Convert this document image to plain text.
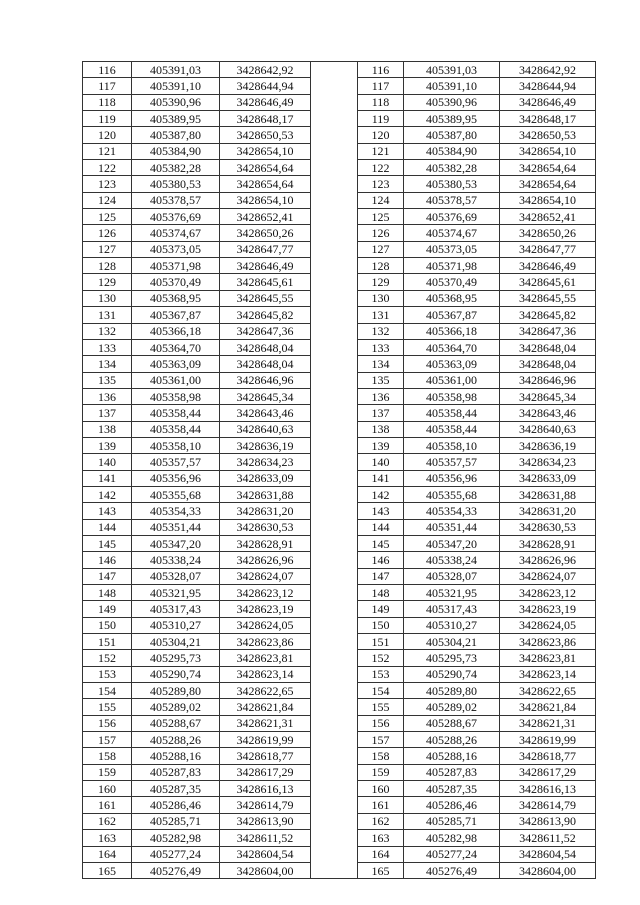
116	405391,03	3428642,92		116	405391,03	3428642,92
117	405391,10	3428644,94		117	405391,10	3428644,94
118	405390,96	3428646,49		118	405390,96	3428646,49
119	405389,95	3428648,17		119	405389,95	3428648,17
120	405387,80	3428650,53		120	405387,80	3428650,53
121	405384,90	3428654,10		121	405384,90	3428654,10
122	405382,28	3428654,64		122	405382,28	3428654,64
123	405380,53	3428654,64		123	405380,53	3428654,64
124	405378,57	3428654,10		124	405378,57	3428654,10
125	405376,69	3428652,41		125	405376,69	3428652,41
126	405374,67	3428650,26		126	405374,67	3428650,26
127	405373,05	3428647,77		127	405373,05	3428647,77
128	405371,98	3428646,49		128	405371,98	3428646,49
129	405370,49	3428645,61		129	405370,49	3428645,61
130	405368,95	3428645,55		130	405368,95	3428645,55
131	405367,87	3428645,82		131	405367,87	3428645,82
132	405366,18	3428647,36		132	405366,18	3428647,36
133	405364,70	3428648,04		133	405364,70	3428648,04
134	405363,09	3428648,04		134	405363,09	3428648,04
135	405361,00	3428646,96		135	405361,00	3428646,96
136	405358,98	3428645,34		136	405358,98	3428645,34
137	405358,44	3428643,46		137	405358,44	3428643,46
138	405358,44	3428640,63		138	405358,44	3428640,63
139	405358,10	3428636,19		139	405358,10	3428636,19
140	405357,57	3428634,23		140	405357,57	3428634,23
141	405356,96	3428633,09		141	405356,96	3428633,09
142	405355,68	3428631,88		142	405355,68	3428631,88
143	405354,33	3428631,20		143	405354,33	3428631,20
144	405351,44	3428630,53		144	405351,44	3428630,53
145	405347,20	3428628,91		145	405347,20	3428628,91
146	405338,24	3428626,96		146	405338,24	3428626,96
147	405328,07	3428624,07		147	405328,07	3428624,07
148	405321,95	3428623,12		148	405321,95	3428623,12
149	405317,43	3428623,19		149	405317,43	3428623,19
150	405310,27	3428624,05		150	405310,27	3428624,05
151	405304,21	3428623,86		151	405304,21	3428623,86
152	405295,73	3428623,81		152	405295,73	3428623,81
153	405290,74	3428623,14		153	405290,74	3428623,14
154	405289,80	3428622,65		154	405289,80	3428622,65
155	405289,02	3428621,84		155	405289,02	3428621,84
156	405288,67	3428621,31		156	405288,67	3428621,31
157	405288,26	3428619,99		157	405288,26	3428619,99
158	405288,16	3428618,77		158	405288,16	3428618,77
159	405287,83	3428617,29		159	405287,83	3428617,29
160	405287,35	3428616,13		160	405287,35	3428616,13
161	405286,46	3428614,79		161	405286,46	3428614,79
162	405285,71	3428613,90		162	405285,71	3428613,90
163	405282,98	3428611,52		163	405282,98	3428611,52
164	405277,24	3428604,54		164	405277,24	3428604,54
165	405276,49	3428604,00		165	405276,49	3428604,00
